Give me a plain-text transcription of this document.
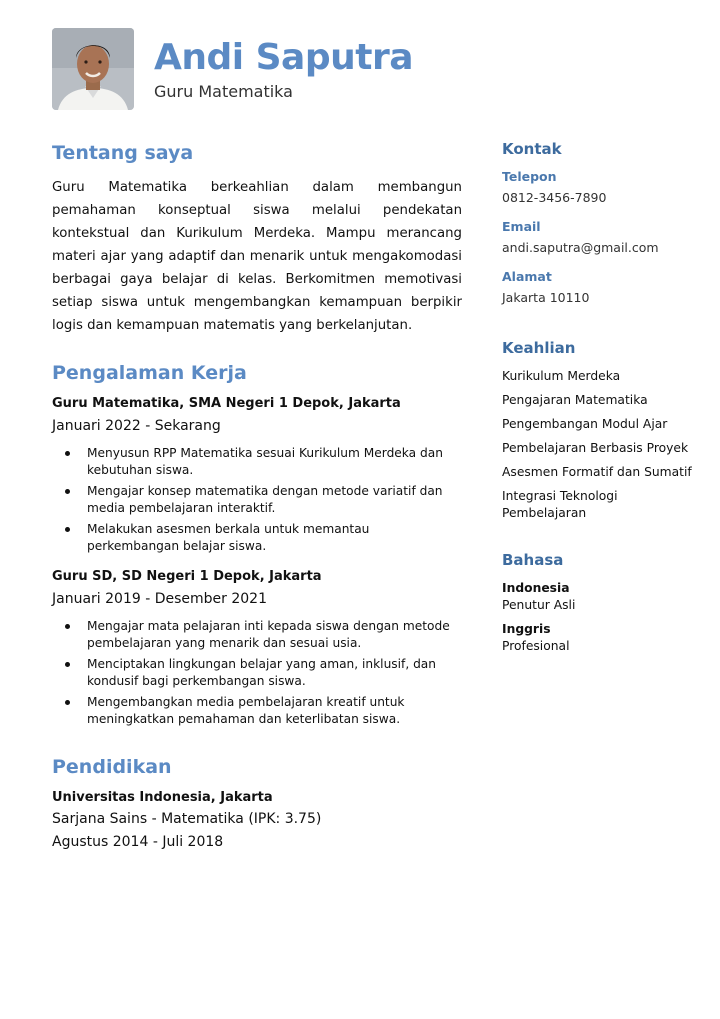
Andi Saputra
Guru Matematika
Tentang saya

Guru Matematika berkeahlian dalam membangun pemahaman konseptual siswa melalui pendekatan kontekstual dan Kurikulum Merdeka. Mampu merancang materi ajar yang adaptif dan menarik untuk mengakomodasi berbagai gaya belajar di kelas. Berkomitmen memotivasi setiap siswa untuk mengembangkan kemampuan berpikir logis dan kemampuan matematis yang berkelanjutan.

Pengalaman Kerja
Guru Matematika, SMA Negeri 1 Depok, Jakarta
Januari 2022 - Sekarang
Menyusun RPP Matematika sesuai Kurikulum Merdeka dan kebutuhan siswa.
Mengajar konsep matematika dengan metode variatif dan media pembelajaran interaktif.
Melakukan asesmen berkala untuk memantau perkembangan belajar siswa.
Guru SD, SD Negeri 1 Depok, Jakarta
Januari 2019 - Desember 2021
Mengajar mata pelajaran inti kepada siswa dengan metode pembelajaran yang menarik dan sesuai usia.
Menciptakan lingkungan belajar yang aman, inklusif, dan kondusif bagi perkembangan siswa.
Mengembangkan media pembelajaran kreatif untuk meningkatkan pemahaman dan keterlibatan siswa.
Pendidikan
Universitas Indonesia, Jakarta
Sarjana Sains - Matematika (IPK: 3.75)
Agustus 2014 - Juli 2018
Kontak
Telepon
0812-3456-7890
Email
andi.saputra@gmail.com
Alamat
Jakarta 10110
Keahlian
Kurikulum Merdeka
Pengajaran Matematika
Pengembangan Modul Ajar
Pembelajaran Berbasis Proyek
Asesmen Formatif dan Sumatif
Integrasi Teknologi Pembelajaran
Bahasa
Indonesia
Penutur Asli
Inggris
Profesional
